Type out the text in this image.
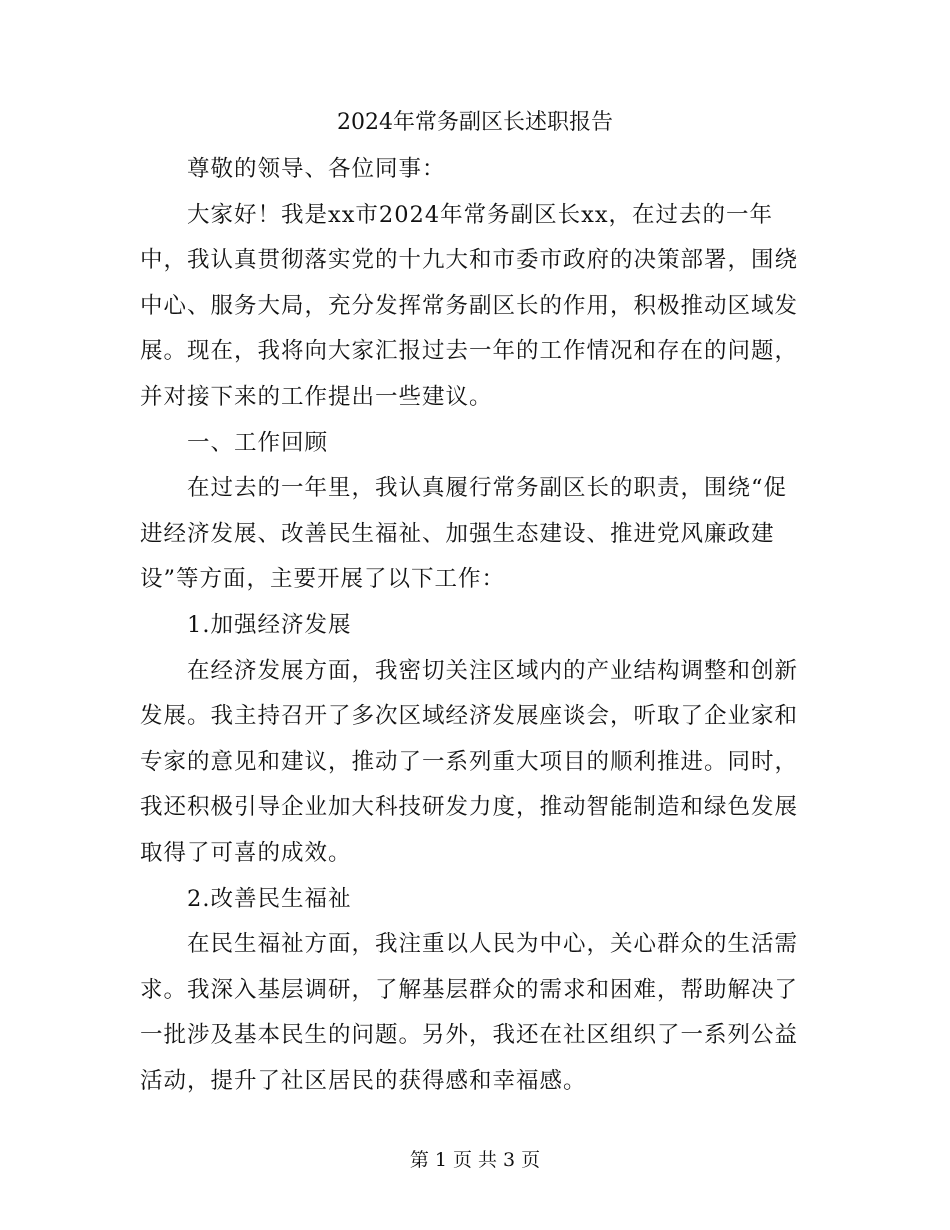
2024年常务副区长述职报告
尊敬的领导、各位同事：
大家好！我是xx市2024年常务副区长xx，在过去的一年
中，我认真贯彻落实党的十九大和市委市政府的决策部署，围绕
中心、服务大局，充分发挥常务副区长的作用，积极推动区域发
展。现在，我将向大家汇报过去一年的工作情况和存在的问题，
并对接下来的工作提出一些建议。
一、工作回顾
在过去的一年里，我认真履行常务副区长的职责，围绕“促
进经济发展、改善民生福祉、加强生态建设、推进党风廉政建
设”等方面，主要开展了以下工作：
1.加强经济发展
在经济发展方面，我密切关注区域内的产业结构调整和创新
发展。我主持召开了多次区域经济发展座谈会，听取了企业家和
专家的意见和建议，推动了一系列重大项目的顺利推进。同时，
我还积极引导企业加大科技研发力度，推动智能制造和绿色发展
取得了可喜的成效。
2.改善民生福祉
在民生福祉方面，我注重以人民为中心，关心群众的生活需
求。我深入基层调研，了解基层群众的需求和困难，帮助解决了
一批涉及基本民生的问题。另外，我还在社区组织了一系列公益
活动，提升了社区居民的获得感和幸福感。
第 1 页 共 3 页
